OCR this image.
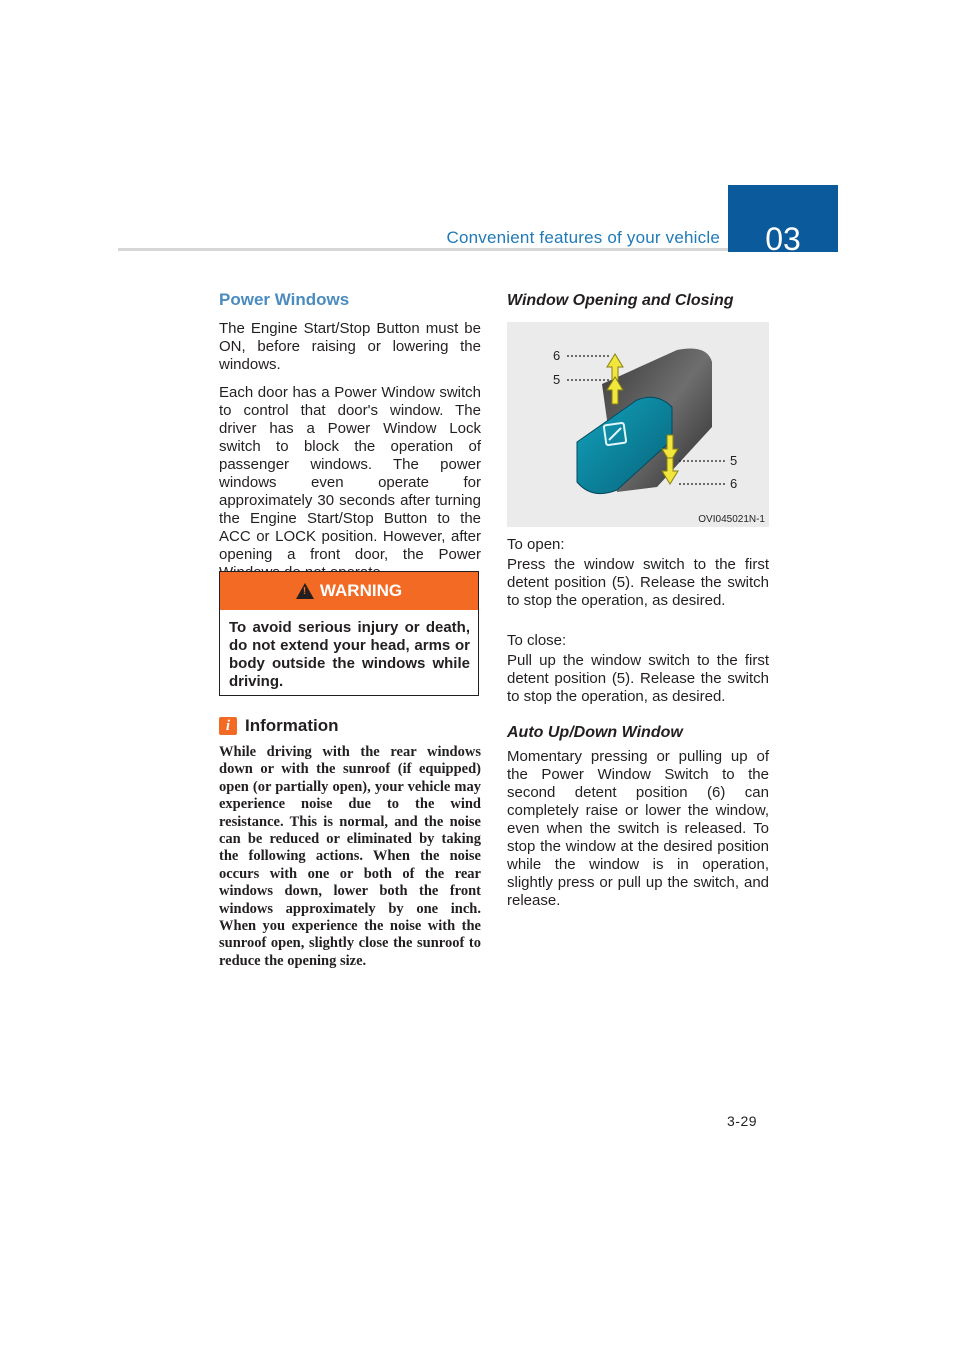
Convenient features of your vehicle	03
Power Windows

The Engine Start/Stop Button must be ON, before raising or lowering the windows.

Each door has a Power Window switch to control that door's window. The driver has a Power Window Lock switch to block the operation of passenger windows. The power windows even operate for approximately 30 seconds after turning the Engine Start/Stop Button to the ACC or LOCK position. However, after opening a front door, the Power

!
WARNING
To avoid serious injury or death, do not extend your head, arms or body outside the windows while driving.
i Information
While driving with the rear windows down or with the sunroof (if equipped) open (or partially open), your vehicle may experience noise due to the wind resistance. This is normal, and the noise can be reduced or eliminated by taking the following actions. When the noise occurs with one or both of the rear windows down, lower both the front windows approximately by one inch. When you experience the noise with the sunroof open, slightly close the sunroof to reduce the opening size.
Window Opening and Closing
6
5
5
6
OVI045021N-1

To open:

Press the window switch to the first detent position (5). Release the switch to stop the operation, as desired.

To close:

Pull up the window switch to the first detent position (5). Release the switch to stop the operation, as desired.

Auto Up/Down Window

Momentary pressing or pulling up of the Power Window Switch to the second detent position (6) can completely raise or lower the window, even when the switch is released. To stop the window at the desired position while the window is in operation, slightly press or pull up the switch, and release.

3-29
